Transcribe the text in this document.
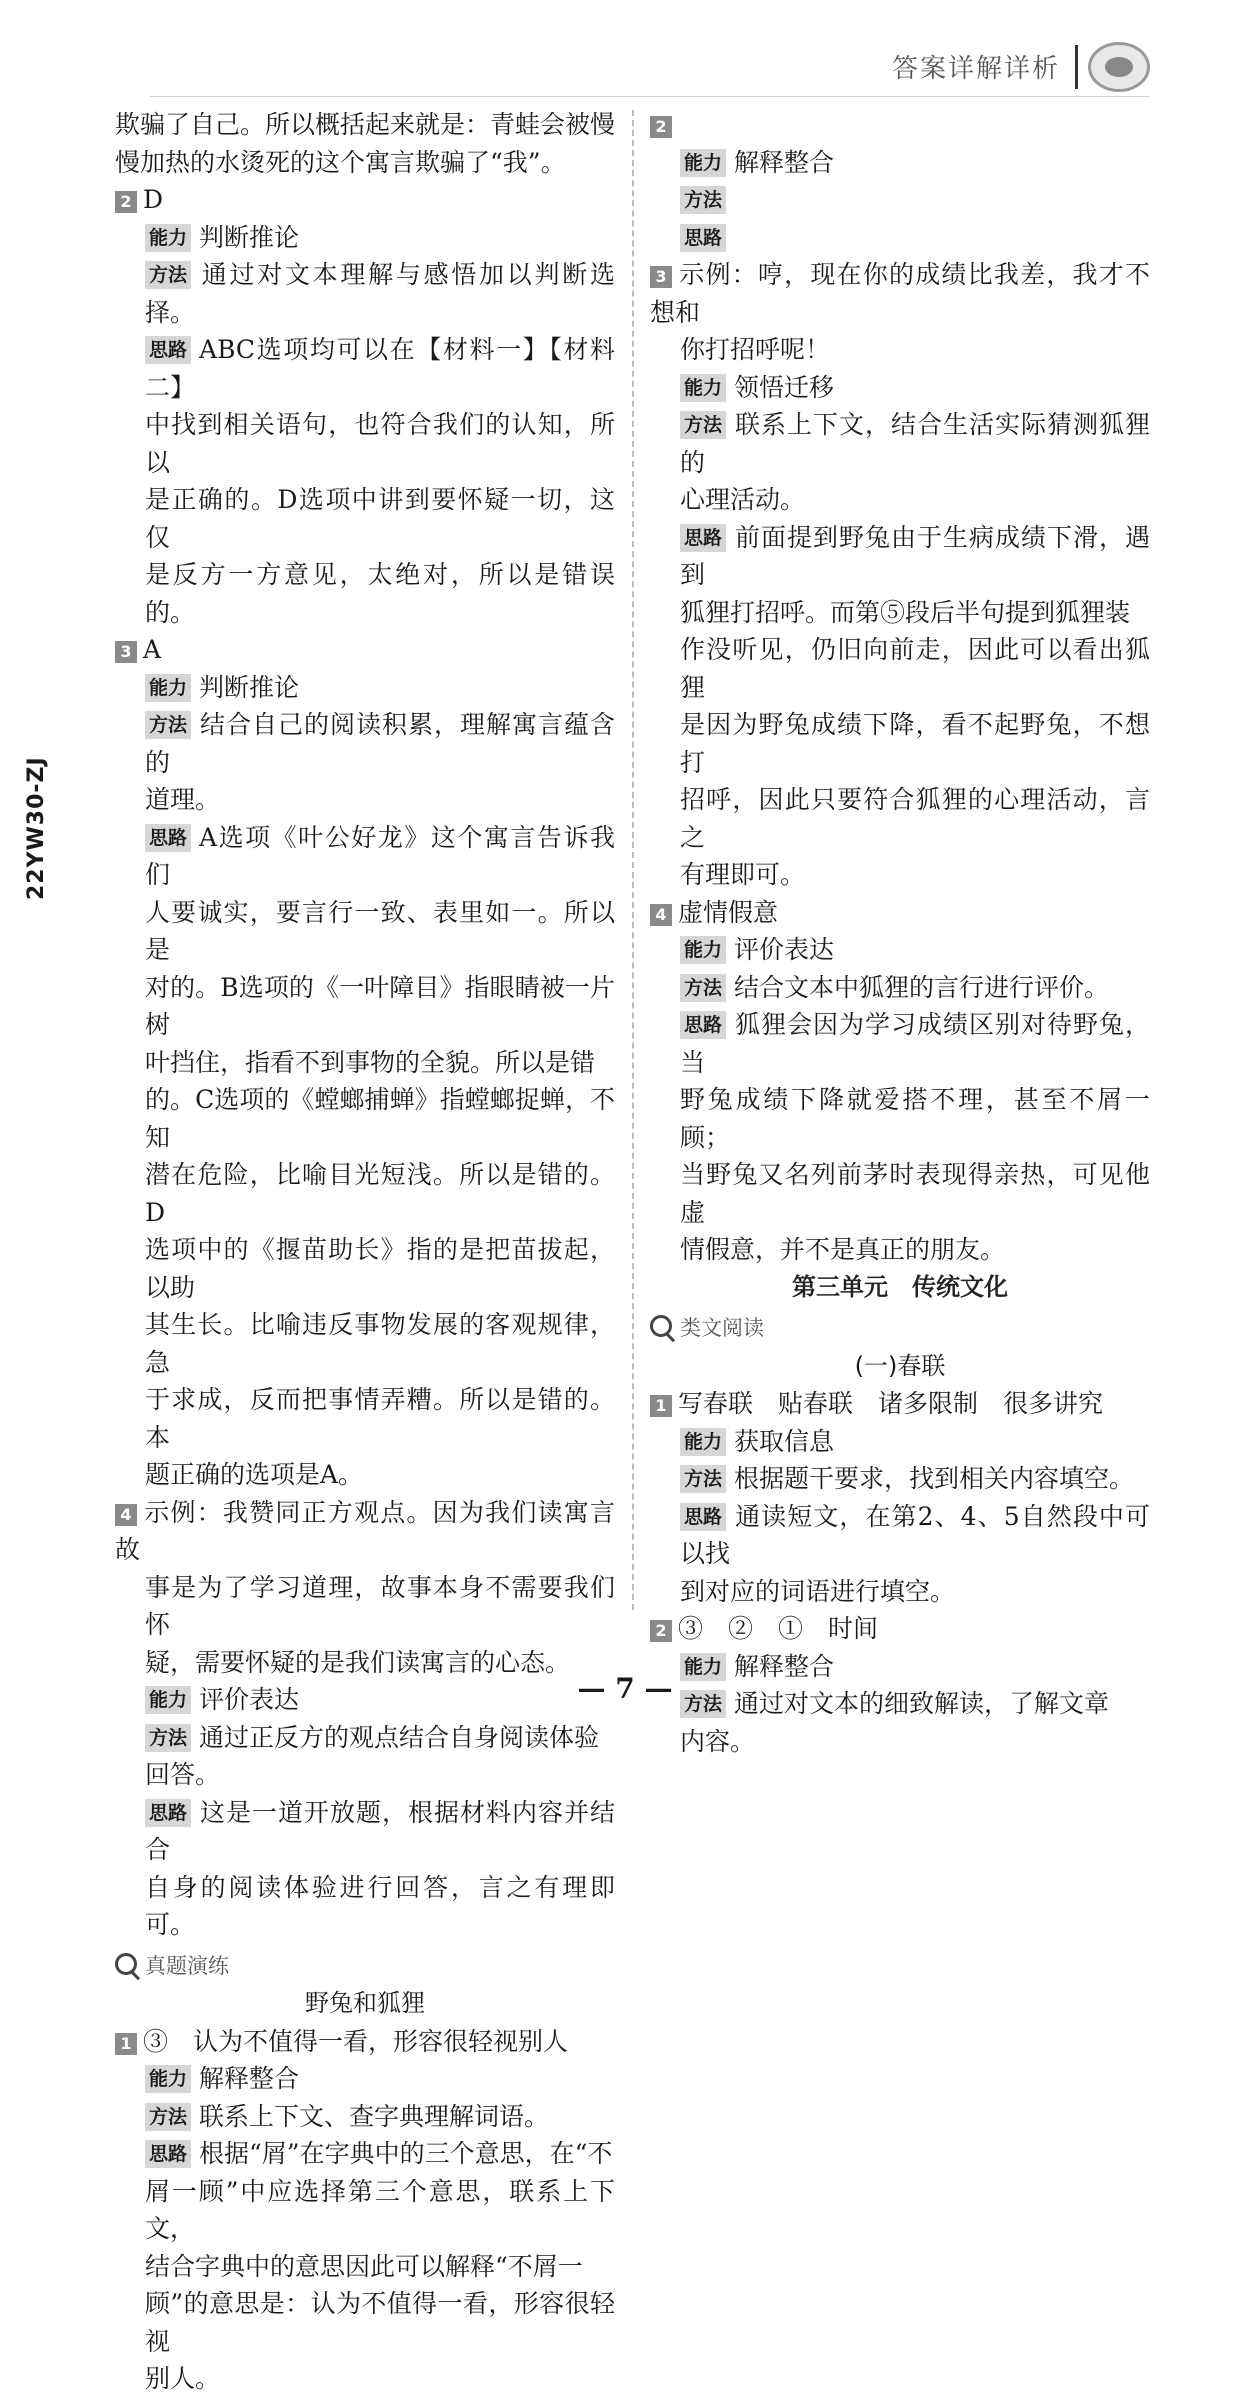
答案详解详析
22YW30-ZJ

欺骗了自己。所以概括起来就是：青蛙会被慢

慢加热的水烫死的这个寓言欺骗了“我”。

2 D

能力 判断推论

方法 通过对文本理解与感悟加以判断选择。

思路 ABC选项均可以在【材料一】【材料二】

中找到相关语句，也符合我们的认知，所以

是正确的。D选项中讲到要怀疑一切，这仅

是反方一方意见，太绝对，所以是错误的。

3 A

能力 判断推论

方法 结合自己的阅读积累，理解寓言蕴含的

道理。

思路 A选项《叶公好龙》这个寓言告诉我们

人要诚实，要言行一致、表里如一。所以是

对的。B选项的《一叶障目》指眼睛被一片树

叶挡住，指看不到事物的全貌。所以是错

的。C选项的《螳螂捕蝉》指螳螂捉蝉，不知

潜在危险，比喻目光短浅。所以是错的。D

选项中的《揠苗助长》指的是把苗拔起，以助

其生长。比喻违反事物发展的客观规律，急

于求成，反而把事情弄糟。所以是错的。本

题正确的选项是A。

4 示例：我赞同正方观点。因为我们读寓言故

事是为了学习道理，故事本身不需要我们怀

疑，需要怀疑的是我们读寓言的心态。

能力 评价表达

方法 通过正反方的观点结合自身阅读体验

回答。

思路 这是一道开放题，根据材料内容并结合

自身的阅读体验进行回答，言之有理即可。

真题演练
野兔和狐狸

1 ③　认为不值得一看，形容很轻视别人

能力 解释整合

方法 联系上下文、查字典理解词语。

思路 根据“屑”在字典中的三个意思，在“不

屑一顾”中应选择第三个意思，联系上下文，

结合字典中的意思因此可以解释“不屑一

顾”的意思是：认为不值得一看，形容很轻视

别人。

2

能力 解释整合

方法

思路

3 示例：哼，现在你的成绩比我差，我才不想和

你打招呼呢！

能力 领悟迁移

方法 联系上下文，结合生活实际猜测狐狸的

心理活动。

思路 前面提到野兔由于生病成绩下滑，遇到

狐狸打招呼。而第⑤段后半句提到狐狸装

作没听见，仍旧向前走，因此可以看出狐狸

是因为野兔成绩下降，看不起野兔，不想打

招呼，因此只要符合狐狸的心理活动，言之

有理即可。

4 虚情假意

能力 评价表达

方法 结合文本中狐狸的言行进行评价。

思路 狐狸会因为学习成绩区别对待野兔，当

野兔成绩下降就爱搭不理，甚至不屑一顾；

当野兔又名列前茅时表现得亲热，可见他虚

情假意，并不是真正的朋友。

第三单元　传统文化
类文阅读
(一)春联

1 写春联　贴春联　诸多限制　很多讲究

能力 获取信息

方法 根据题干要求，找到相关内容填空。

思路 通读短文，在第2、4、5自然段中可以找

到对应的词语进行填空。

2 ③　②　①　时间

能力 解释整合

方法 通过对文本的细致解读，了解文章

内容。

— 7 —
